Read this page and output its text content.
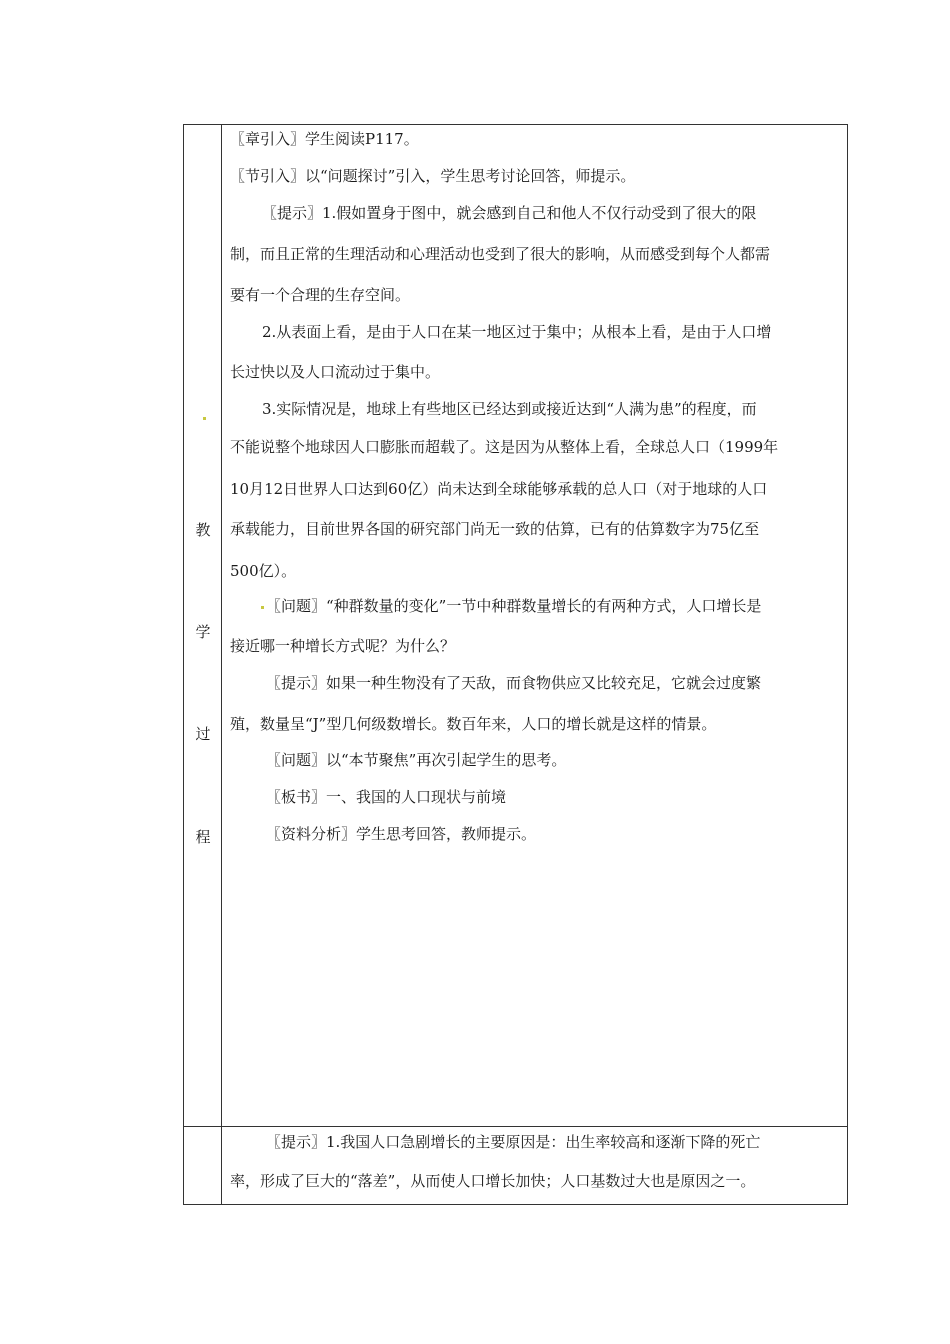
教
学
过
程
〖章引入〗学生阅读P117。
〖节引入〗以“问题探讨”引入，学生思考讨论回答，师提示。
〖提示〗1.假如置身于图中，就会感到自己和他人不仅行动受到了很大的限
制，而且正常的生理活动和心理活动也受到了很大的影响，从而感受到每个人都需
要有一个合理的生存空间。
2.从表面上看，是由于人口在某一地区过于集中；从根本上看，是由于人口增
长过快以及人口流动过于集中。
3.实际情况是，地球上有些地区已经达到或接近达到“人满为患”的程度，而
不能说整个地球因人口膨胀而超载了。这是因为从整体上看，全球总人口（1999年
10月12日世界人口达到60亿）尚未达到全球能够承载的总人口（对于地球的人口
承载能力，目前世界各国的研究部门尚无一致的估算，已有的估算数字为75亿至
500亿）。
〖问题〗“种群数量的变化”一节中种群数量增长的有两种方式，人口增长是
接近哪一种增长方式呢？为什么？
〖提示〗如果一种生物没有了天敌，而食物供应又比较充足，它就会过度繁
殖，数量呈“J”型几何级数增长。数百年来，人口的增长就是这样的情景。
〖问题〗以“本节聚焦”再次引起学生的思考。
〖板书〗一、我国的人口现状与前境
〖资料分析〗学生思考回答，教师提示。
〖提示〗1.我国人口急剧增长的主要原因是：出生率较高和逐渐下降的死亡
率，形成了巨大的“落差”，从而使人口增长加快；人口基数过大也是原因之一。
